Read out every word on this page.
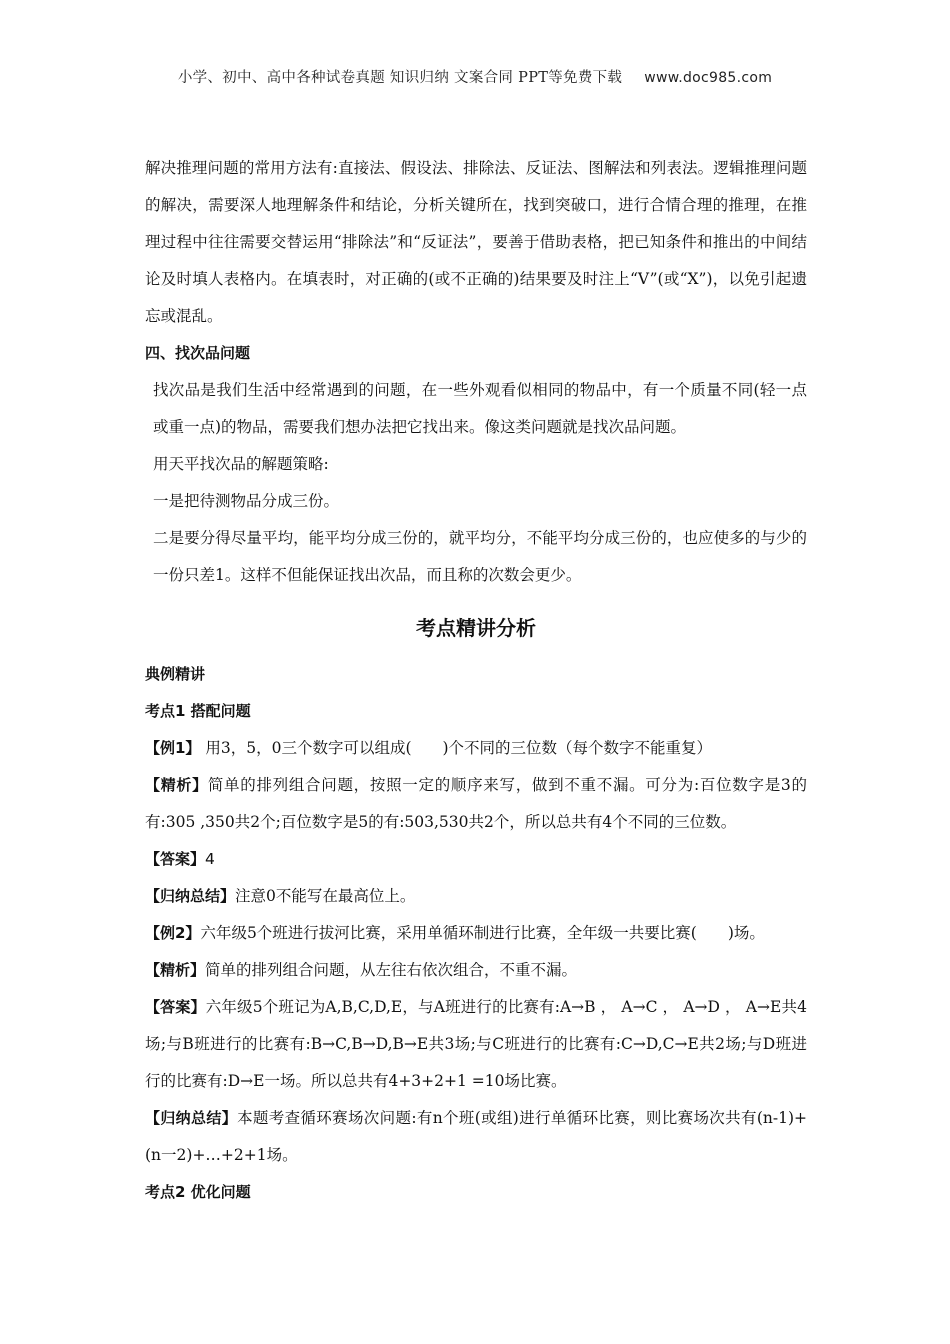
小学、初中、高中各种试卷真题 知识归纳 文案合同 PPT等免费下载 www.doc985.com

解决推理问题的常用方法有:直接法、假设法、排除法、反证法、图解法和列表法。逻辑推理问题的解决，需要深人地理解条件和结论，分析关键所在，找到突破口，进行合情合理的推理，在推理过程中往往需要交替运用“排除法”和“反证法”，要善于借助表格，把已知条件和推出的中间结论及时填人表格内。在填表时，对正确的(或不正确的)结果要及时注上“V”(或“X”)，以免引起遗忘或混乱。

四、找次品问题

找次品是我们生活中经常遇到的问题，在一些外观看似相同的物品中，有一个质量不同(轻一点或重一点)的物品，需要我们想办法把它找出来。像这类问题就是找次品问题。

用天平找次品的解题策略:

一是把待测物品分成三份。

二是要分得尽量平均，能平均分成三份的，就平均分，不能平均分成三份的，也应使多的与少的一份只差1。这样不但能保证找出次品，而且称的次数会更少。

考点精讲分析

典例精讲

考点1 搭配问题

【例1】 用3，5，0三个数字可以组成(　　)个不同的三位数（每个数字不能重复）

【精析】简单的排列组合问题，按照一定的顺序来写，做到不重不漏。可分为:百位数字是3的有:305 ,350共2个;百位数字是5的有:503,530共2个，所以总共有4个不同的三位数。

【答案】4

【归纳总结】注意0不能写在最高位上。

【例2】六年级5个班进行拔河比赛，采用单循环制进行比赛，全年级一共要比赛(　　)场。

【精析】简单的排列组合问题，从左往右依次组合，不重不漏。

【答案】六年级5个班记为A,B,C,D,E，与A班进行的比赛有:A→B ， A→C ， A→D ， A→E共4场;与B班进行的比赛有:B→C,B→D,B→E共3场;与C班进行的比赛有:C→D,C→E共2场;与D班进行的比赛有:D→E一场。所以总共有4+3+2+1 =10场比赛。

【归纳总结】本题考查循环赛场次问题:有n个班(或组)进行单循环比赛，则比赛场次共有(n-1)+(n一2)+…+2+1场。

考点2 优化问题
